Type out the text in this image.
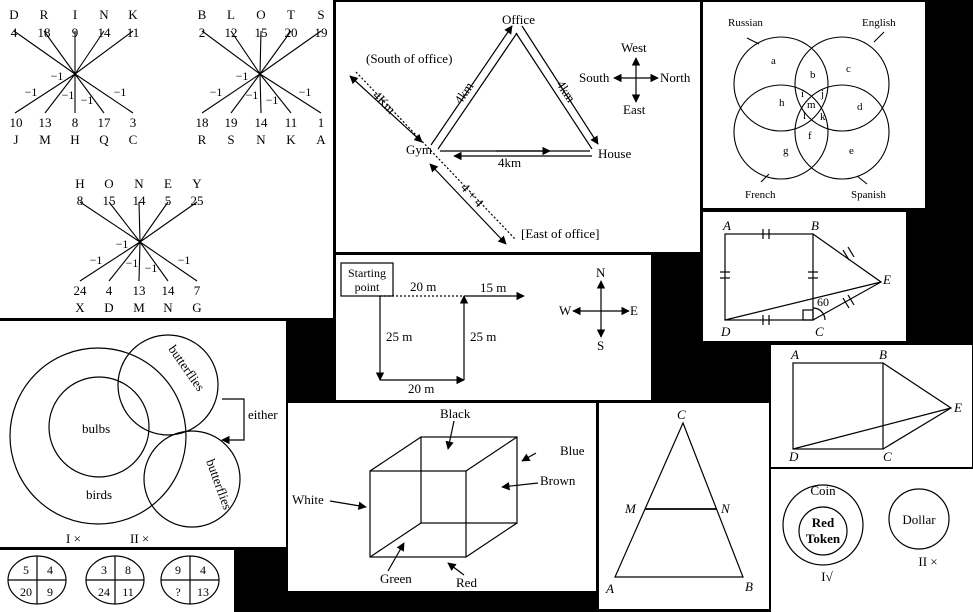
D R I N K
4 18 9 14 11
−1
−1 −1 −1
−1
10 13 8 17 3
J M H Q C
B L O T S
2 12 15 20 19
−1
−1 −1 −1
−1
18 19 14 11 1
R S N K A
H O N E Y
8 15 14 5 25
−1
−1 −1 −1
−1
24 4 13 14 7
X D M N G
Office
Gym	House
4km
4km	4km
4Km
4 + 4
(South of office)
[East of office]
West
South	North
East
Russian	English
French	Spanish
a
b	c
d
e
f
g
h
i j
k
l
m
A	B
C
D
E
60
Starting
point 20 m	15 m
25 m	25 m
20 m
N
S
W	E
A	B
C
D
E
bulbs
birds
butterflies
butterflies
either
I ×	II ×
5 4
20 9
3 8
24 11
9 4
? 13
Black
Blue
Brown
White
Green	Red
C
M	N
A	B
Coin
Red
Token
Dollar
I√
II ×
